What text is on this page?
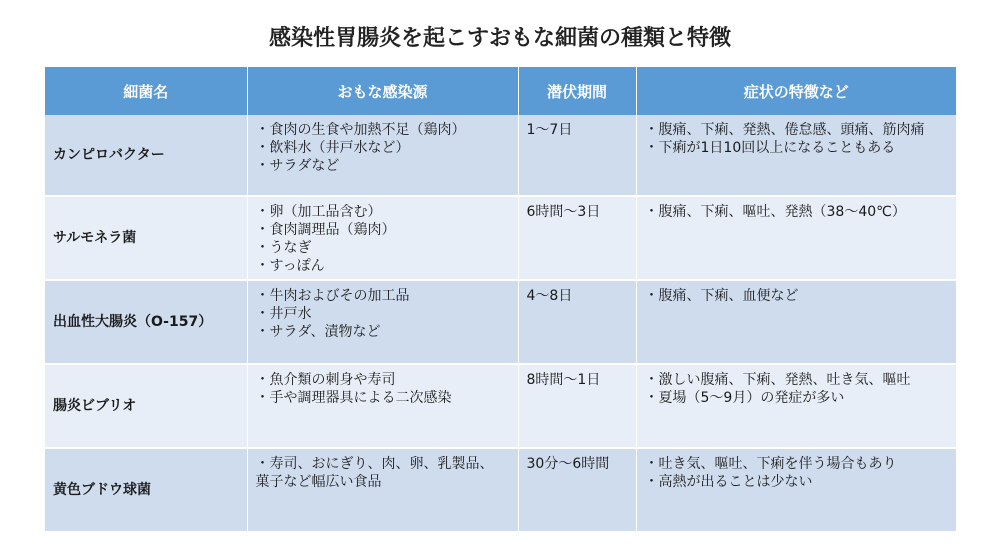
感染性胃腸炎を起こすおもな細菌の種類と特徴
細菌名	おもな感染源	潜伏期間	症状の特徴など
カンピロバクター	・食肉の生食や加熱不足（鶏肉）
・飲料水（井戸水など）
・サラダなど	1〜7日	・腹痛、下痢、発熱、倦怠感、頭痛、筋肉痛
・下痢が1日10回以上になることもある

サルモネラ菌	・卵（加工品含む）
・食肉調理品（鶏肉）
・うなぎ
・すっぽん	6時間〜3日	・腹痛、下痢、嘔吐、発熱（38〜40℃）

出血性大腸炎（O-157）	・牛肉およびその加工品
・井戸水
・サラダ、漬物など	4〜8日	・腹痛、下痢、血便など

腸炎ビブリオ	・魚介類の刺身や寿司
・手や調理器具による二次感染	8時間〜1日	・激しい腹痛、下痢、発熱、吐き気、嘔吐
・夏場（5〜9月）の発症が多い

黄色ブドウ球菌	・寿司、おにぎり、肉、卵、乳製品、
菓子など幅広い食品	30分〜6時間	・吐き気、嘔吐、下痢を伴う場合もあり
・高熱が出ることは少ない
